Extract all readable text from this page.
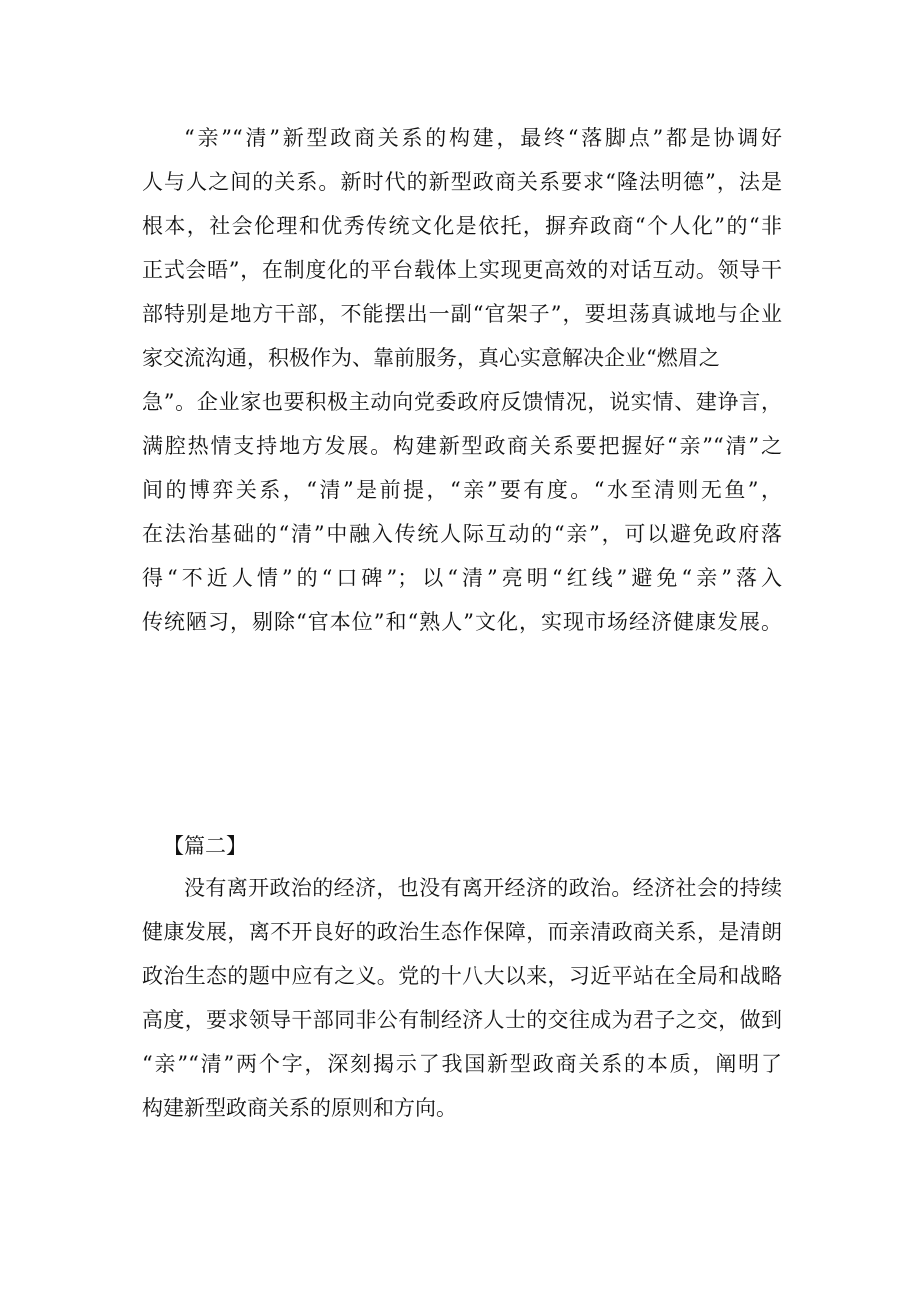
“亲”“清”新型政商关系的构建，最终“落脚点”都是协调好
人与人之间的关系。新时代的新型政商关系要求“隆法明德”，法是
根本，社会伦理和优秀传统文化是依托，摒弃政商“个人化”的“非
正式会晤”，在制度化的平台载体上实现更高效的对话互动。领导干
部特别是地方干部，不能摆出一副“官架子”，要坦荡真诚地与企业
家交流沟通，积极作为、靠前服务，真心实意解决企业“燃眉之
急”。企业家也要积极主动向党委政府反馈情况，说实情、建诤言，
满腔热情支持地方发展。构建新型政商关系要把握好“亲”“清”之
间的博弈关系，“清”是前提，“亲”要有度。“水至清则无鱼”，
在法治基础的“清”中融入传统人际互动的“亲”，可以避免政府落
得“不近人情”的“口碑”；以“清”亮明“红线”避免“亲”落入
传统陋习，剔除“官本位”和“熟人”文化，实现市场经济健康发展。
【篇二】
没有离开政治的经济，也没有离开经济的政治。经济社会的持续
健康发展，离不开良好的政治生态作保障，而亲清政商关系，是清朗
政治生态的题中应有之义。党的十八大以来，习近平站在全局和战略
高度，要求领导干部同非公有制经济人士的交往成为君子之交，做到
“亲”“清”两个字，深刻揭示了我国新型政商关系的本质，阐明了
构建新型政商关系的原则和方向。
